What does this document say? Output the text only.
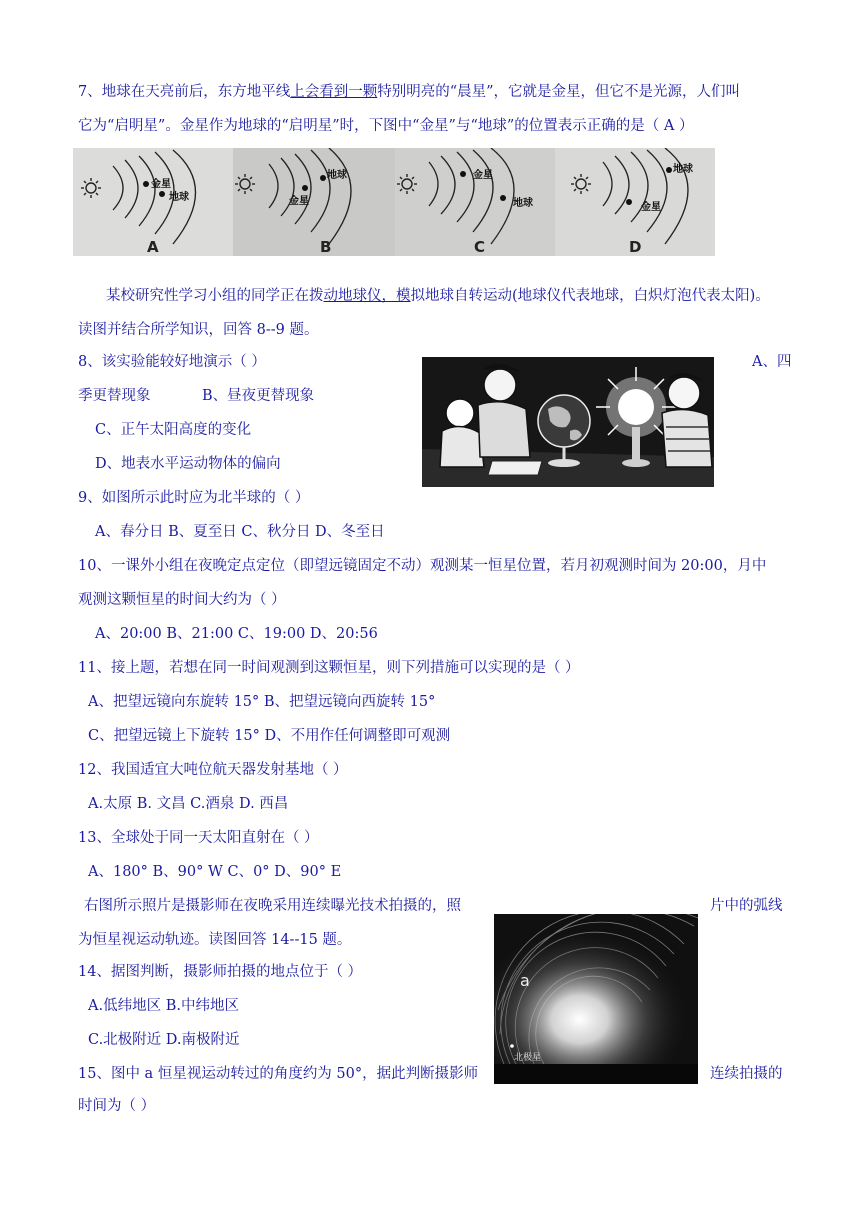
7、地球在天亮前后，东方地平线上会看到一颗特别明亮的“晨星”，它就是金星，但它不是光源，人们叫
它为“启明星”。金星作为地球的“启明星”时，下图中“金星”与“地球”的位置表示正确的是（ A ）
金星
地球
A
金星
地球
B
金星
地球
C
金星
地球
D
某校研究性学习小组的同学正在拨动地球仪，模拟地球自转运动(地球仪代表地球，白炽灯泡代表太阳)。
读图并结合所学知识，回答 8--9 题。
8、该实验能较好地演示（ ）	A、四
季更替现象	B、昼夜更替现象
C、正午太阳高度的变化
D、地表水平运动物体的偏向
9、如图所示此时应为北半球的（ ）
A、春分日 B、夏至日 C、秋分日 D、冬至日
10、一课外小组在夜晚定点定位（即望远镜固定不动）观测某一恒星位置，若月初观测时间为 20:00，月中
观测这颗恒星的时间大约为（ ）
A、20:00 B、21:00 C、19:00 D、20:56
11、接上题，若想在同一时间观测到这颗恒星，则下列措施可以实现的是（ ）
A、把望远镜向东旋转 15° B、把望远镜向西旋转 15°
C、把望远镜上下旋转 15° D、不用作任何调整即可观测
12、我国适宜大吨位航天器发射基地（ ）
A.太原 B. 文昌 C.酒泉 D. 西昌
13、全球处于同一天太阳直射在（ ）
A、180° B、90° W C、0° D、90° E
右图所示照片是摄影师在夜晚采用连续曝光技术拍摄的，照	片中的弧线
为恒星视运动轨迹。读图回答 14--15 题。
a
北极星
14、据图判断，摄影师拍摄的地点位于（ ）
A.低纬地区 B.中纬地区
C.北极附近 D.南极附近
15、图中 a 恒星视运动转过的角度约为 50°，据此判断摄影师	连续拍摄的
时间为（ ）
